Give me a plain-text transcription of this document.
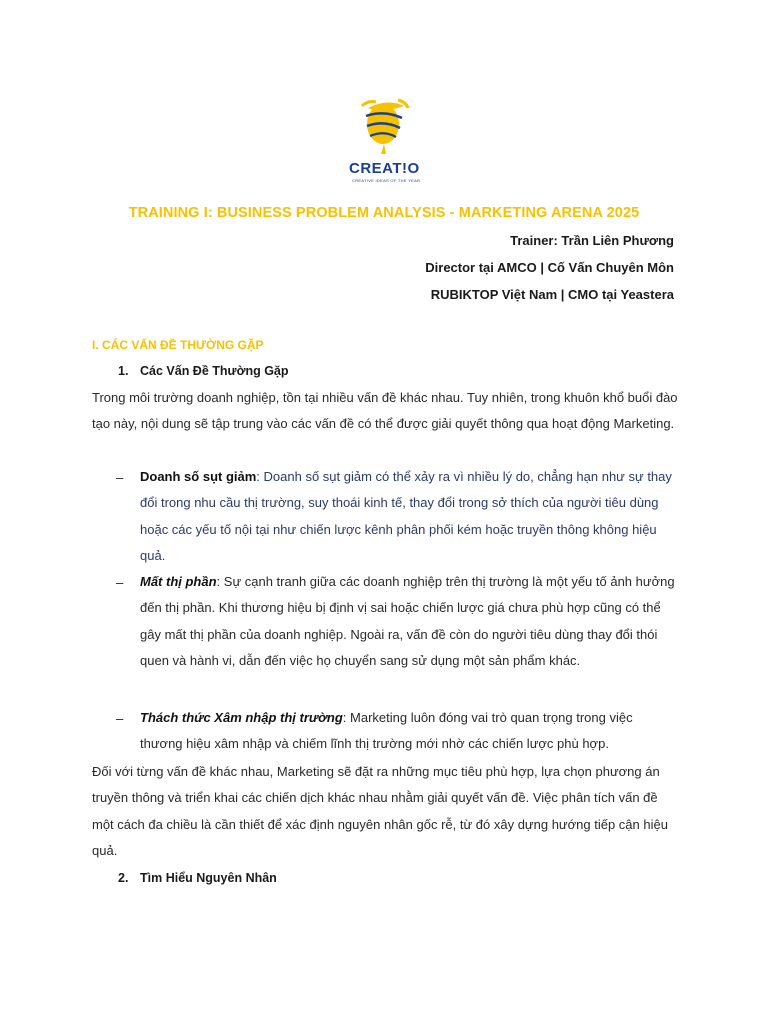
CREAT!O
CREATIVE IDEAS OF THE YEAR
TRAINING I: BUSINESS PROBLEM ANALYSIS - MARKETING ARENA 2025
Trainer: Trần Liên Phương
Director tại AMCO | Cố Vấn Chuyên Môn
RUBIKTOP Việt Nam | CMO tại Yeastera
I. CÁC VẤN ĐỀ THƯỜNG GẶP
1. Các Vấn Đề Thường Gặp

Trong môi trường doanh nghiệp, tồn tại nhiều vấn đề khác nhau. Tuy nhiên, trong khuôn khổ buổi đào tạo này, nội dung sẽ tập trung vào các vấn đề có thể được giải quyết thông qua hoạt động Marketing.

– Doanh số sụt giảm: Doanh số sụt giảm có thể xảy ra vì nhiều lý do, chẳng hạn như sự thay đổi trong nhu cầu thị trường, suy thoái kinh tế, thay đổi trong sở thích của người tiêu dùng hoặc các yếu tố nội tại như chiến lược kênh phân phối kém hoặc truyền thông không hiệu quả.

– Mất thị phần: Sự cạnh tranh giữa các doanh nghiệp trên thị trường là một yếu tố ảnh hưởng đến thị phần. Khi thương hiệu bị định vị sai hoặc chiến lược giá chưa phù hợp cũng có thể gây mất thị phần của doanh nghiệp. Ngoài ra, vấn đề còn do người tiêu dùng thay đổi thói quen và hành vi, dẫn đến việc họ chuyển sang sử dụng một sản phẩm khác.

– Thách thức Xâm nhập thị trường: Marketing luôn đóng vai trò quan trọng trong việc thương hiệu xâm nhập và chiếm lĩnh thị trường mới nhờ các chiến lược phù hợp.

Đối với từng vấn đề khác nhau, Marketing sẽ đặt ra những mục tiêu phù hợp, lựa chọn phương án truyền thông và triển khai các chiến dịch khác nhau nhằm giải quyết vấn đề. Việc phân tích vấn đề một cách đa chiều là cần thiết để xác định nguyên nhân gốc rễ, từ đó xây dựng hướng tiếp cận hiệu quả.

2. Tìm Hiểu Nguyên Nhân
